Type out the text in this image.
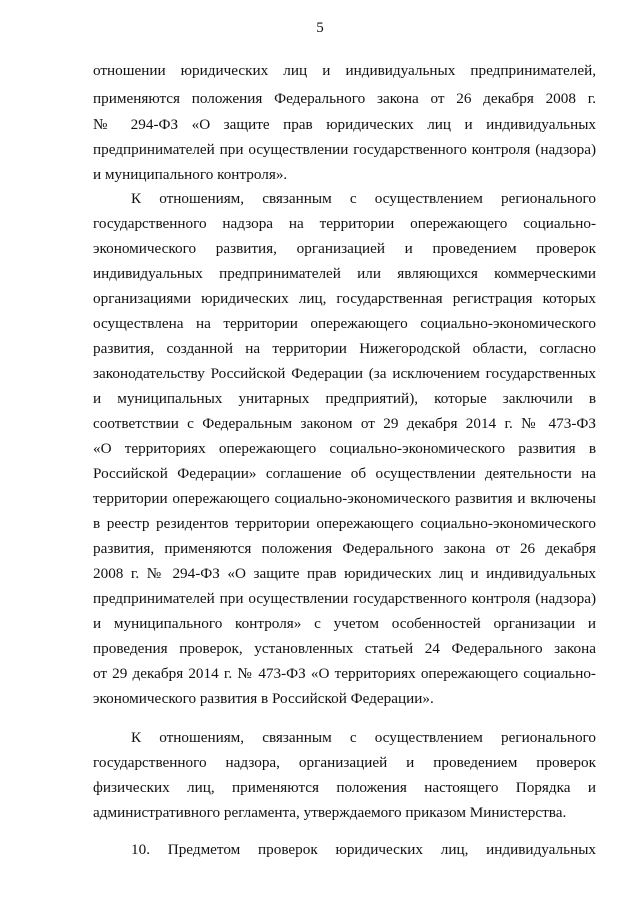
5
отношении юридических лиц и индивидуальных предпринимателей,
применяются положения Федерального закона от 26 декабря 2008 г.
№ 294-ФЗ «О защите прав юридических лиц и индивидуальных
предпринимателей при осуществлении государственного контроля (надзора)
и муниципального контроля».
К отношениям, связанным с осуществлением регионального
государственного надзора на территории опережающего социально-
экономического развития, организацией и проведением проверок
индивидуальных предпринимателей или являющихся коммерческими
организациями юридических лиц, государственная регистрация которых
осуществлена на территории опережающего социально-экономического
развития, созданной на территории Нижегородской области, согласно
законодательству Российской Федерации (за исключением государственных
и муниципальных унитарных предприятий), которые заключили в
соответствии с Федеральным законом от 29 декабря 2014 г. № 473-ФЗ
«О территориях опережающего социально-экономического развития в
Российской Федерации» соглашение об осуществлении деятельности на
территории опережающего социально-экономического развития и включены
в реестр резидентов территории опережающего социально-экономического
развития, применяются положения Федерального закона от 26 декабря
2008 г. № 294-ФЗ «О защите прав юридических лиц и индивидуальных
предпринимателей при осуществлении государственного контроля (надзора)
и муниципального контроля» с учетом особенностей организации и
проведения проверок, установленных статьей 24 Федерального закона
от 29 декабря 2014 г. № 473-ФЗ «О территориях опережающего социально-
экономического развития в Российской Федерации».
К отношениям, связанным с осуществлением регионального
государственного надзора, организацией и проведением проверок
физических лиц, применяются положения настоящего Порядка и
административного регламента, утверждаемого приказом Министерства.
10. Предметом проверок юридических лиц, индивидуальных
